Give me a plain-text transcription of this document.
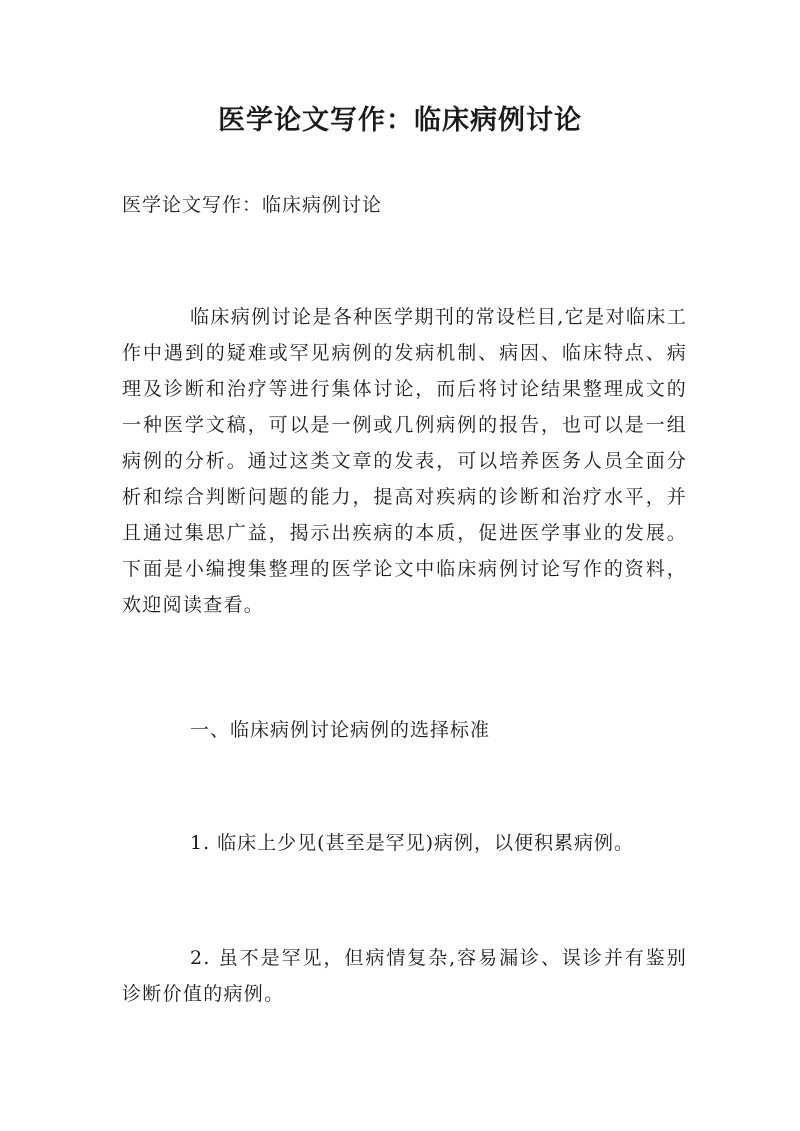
医学论文写作：临床病例讨论

医学论文写作：临床病例讨论

临床病例讨论是各种医学期刊的常设栏目,它是对临床工作中遇到的疑难或罕见病例的发病机制、病因、临床特点、病理及诊断和治疗等进行集体讨论，而后将讨论结果整理成文的一种医学文稿，可以是一例或几例病例的报告，也可以是一组病例的分析。通过这类文章的发表，可以培养医务人员全面分析和综合判断问题的能力，提高对疾病的诊断和治疗水平，并且通过集思广益，揭示出疾病的本质，促进医学事业的发展。下面是小编搜集整理的医学论文中临床病例讨论写作的资料，欢迎阅读查看。

一、临床病例讨论病例的选择标准

1. 临床上少见(甚至是罕见)病例，以便积累病例。

2. 虽不是罕见，但病情复杂,容易漏诊、误诊并有鉴别诊断价值的病例。
